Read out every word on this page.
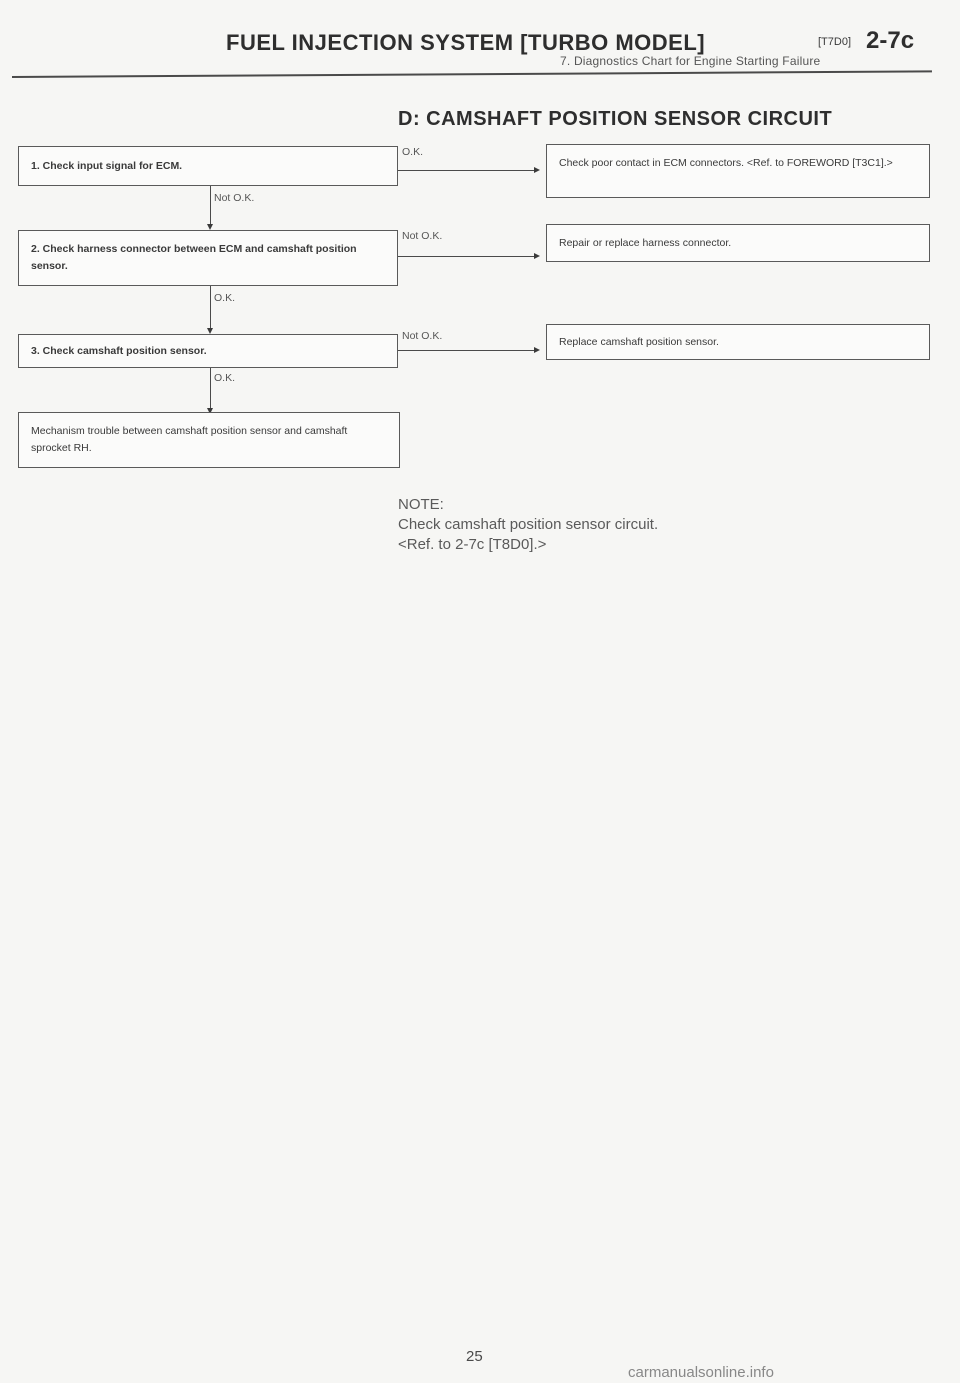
FUEL INJECTION SYSTEM [TURBO MODEL]	[T7D0] 2-7c
7. Diagnostics Chart for Engine Starting Failure
D: CAMSHAFT POSITION SENSOR CIRCUIT
1. Check input signal for ECM.
O.K.
Check poor contact in ECM connectors. <Ref. to FOREWORD [T3C1].>
Not O.K.
2. Check harness connector between ECM and camshaft position sensor.
Not O.K.
Repair or replace harness connector.
O.K.
3. Check camshaft position sensor.
Not O.K.	Replace camshaft position sensor.
O.K.
Mechanism trouble between camshaft position sensor and camshaft sprocket RH.
NOTE:
Check camshaft position sensor circuit.
<Ref. to 2-7c [T8D0].>
25
carmanualsonline.info
